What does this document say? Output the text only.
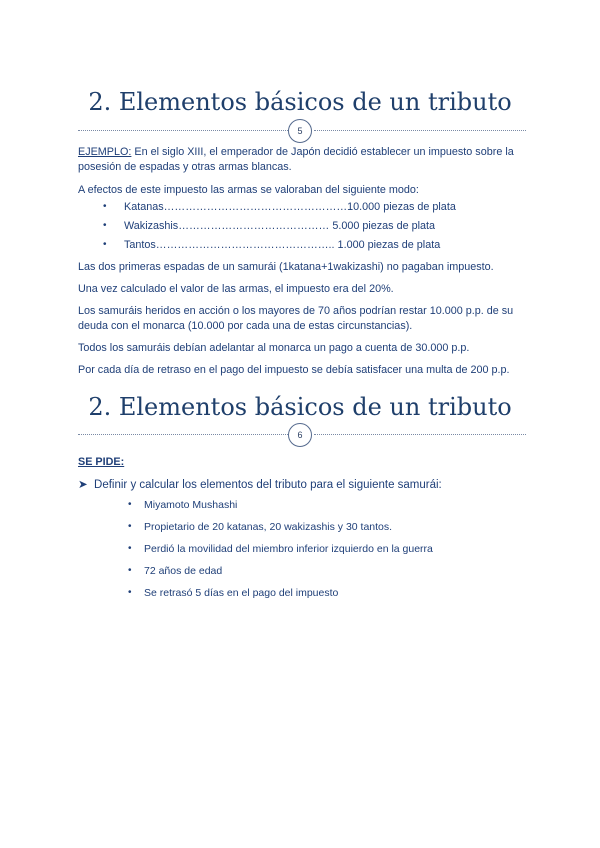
2. Elementos básicos de un tributo
5
EJEMPLO: En el siglo XIII, el emperador de Japón decidió establecer un impuesto sobre la posesión de espadas y otras armas blancas.
A efectos de este impuesto las armas se valoraban del siguiente modo:
• Katanas……………………………………………10.000 piezas de plata
• Wakizashis…………………………………… 5.000 piezas de plata
• Tantos………………………………………….. 1.000 piezas de plata
Las dos primeras espadas de un samurái (1katana+1wakizashi) no pagaban impuesto.
Una vez calculado el valor de las armas, el impuesto era del 20%.
Los samuráis heridos en acción o los mayores de 70 años podrían restar 10.000 p.p. de su deuda con el monarca (10.000 por cada una de estas circunstancias).
Todos los samuráis debían adelantar al monarca un pago a cuenta de 30.000 p.p.
Por cada día de retraso en el pago del impuesto se debía satisfacer una multa de 200 p.p.
2. Elementos básicos de un tributo
6
SE PIDE:
➤ Definir y calcular los elementos del tributo para el siguiente samurái:
• Miyamoto Mushashi
• Propietario de 20 katanas, 20 wakizashis y 30 tantos.
• Perdió la movilidad del miembro inferior izquierdo en la guerra
• 72 años de edad
• Se retrasó 5 días en el pago del impuesto
